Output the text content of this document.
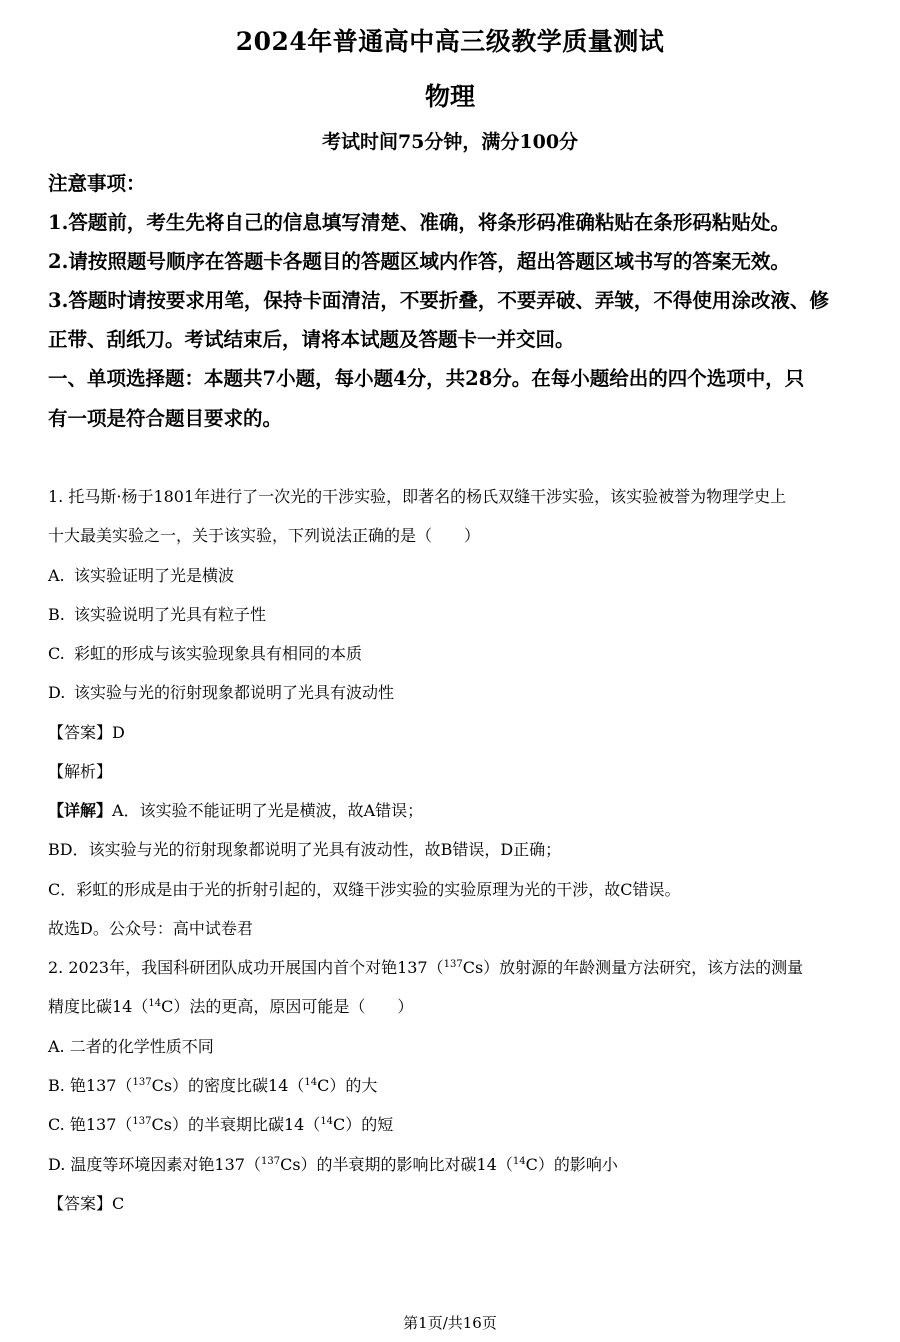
2024年普通高中高三级教学质量测试
物理
考试时间75分钟，满分100分
注意事项：
1.答题前，考生先将自己的信息填写清楚、准确，将条形码准确粘贴在条形码粘贴处。
2.请按照题号顺序在答题卡各题目的答题区域内作答，超出答题区域书写的答案无效。
3.答题时请按要求用笔，保持卡面清洁，不要折叠，不要弄破、弄皱，不得使用涂改液、修
正带、刮纸刀。考试结束后，请将本试题及答题卡一并交回。
一、单项选择题：本题共7小题，每小题4分，共28分。在每小题给出的四个选项中，只
有一项是符合题目要求的。
1. 托马斯·杨于1801年进行了一次光的干涉实验，即著名的杨氏双缝干涉实验，该实验被誉为物理学史上
十大最美实验之一，关于该实验，下列说法正确的是（　　）
A. 该实验证明了光是横波
B. 该实验说明了光具有粒子性
C. 彩虹的形成与该实验现象具有相同的本质
D. 该实验与光的衍射现象都说明了光具有波动性
【答案】D
【解析】
【详解】A．该实验不能证明了光是横波，故A错误；
BD．该实验与光的衍射现象都说明了光具有波动性，故B错误，D正确；
C．彩虹的形成是由于光的折射引起的，双缝干涉实验的实验原理为光的干涉，故C错误。
故选D。公众号：高中试卷君
2. 2023年，我国科研团队成功开展国内首个对铯137（$^{137}$Cs）放射源的年龄测量方法研究，该方法的测量
精度比碳14（$^{14}$C）法的更高，原因可能是（　　）
A. 二者的化学性质不同
B. 铯137（$^{137}$Cs）的密度比碳14（$^{14}$C）的大
C. 铯137（$^{137}$Cs）的半衰期比碳14（$^{14}$C）的短
D. 温度等环境因素对铯137（$^{137}$Cs）的半衰期的影响比对碳14（$^{14}$C）的影响小
【答案】C
第1页/共16页
